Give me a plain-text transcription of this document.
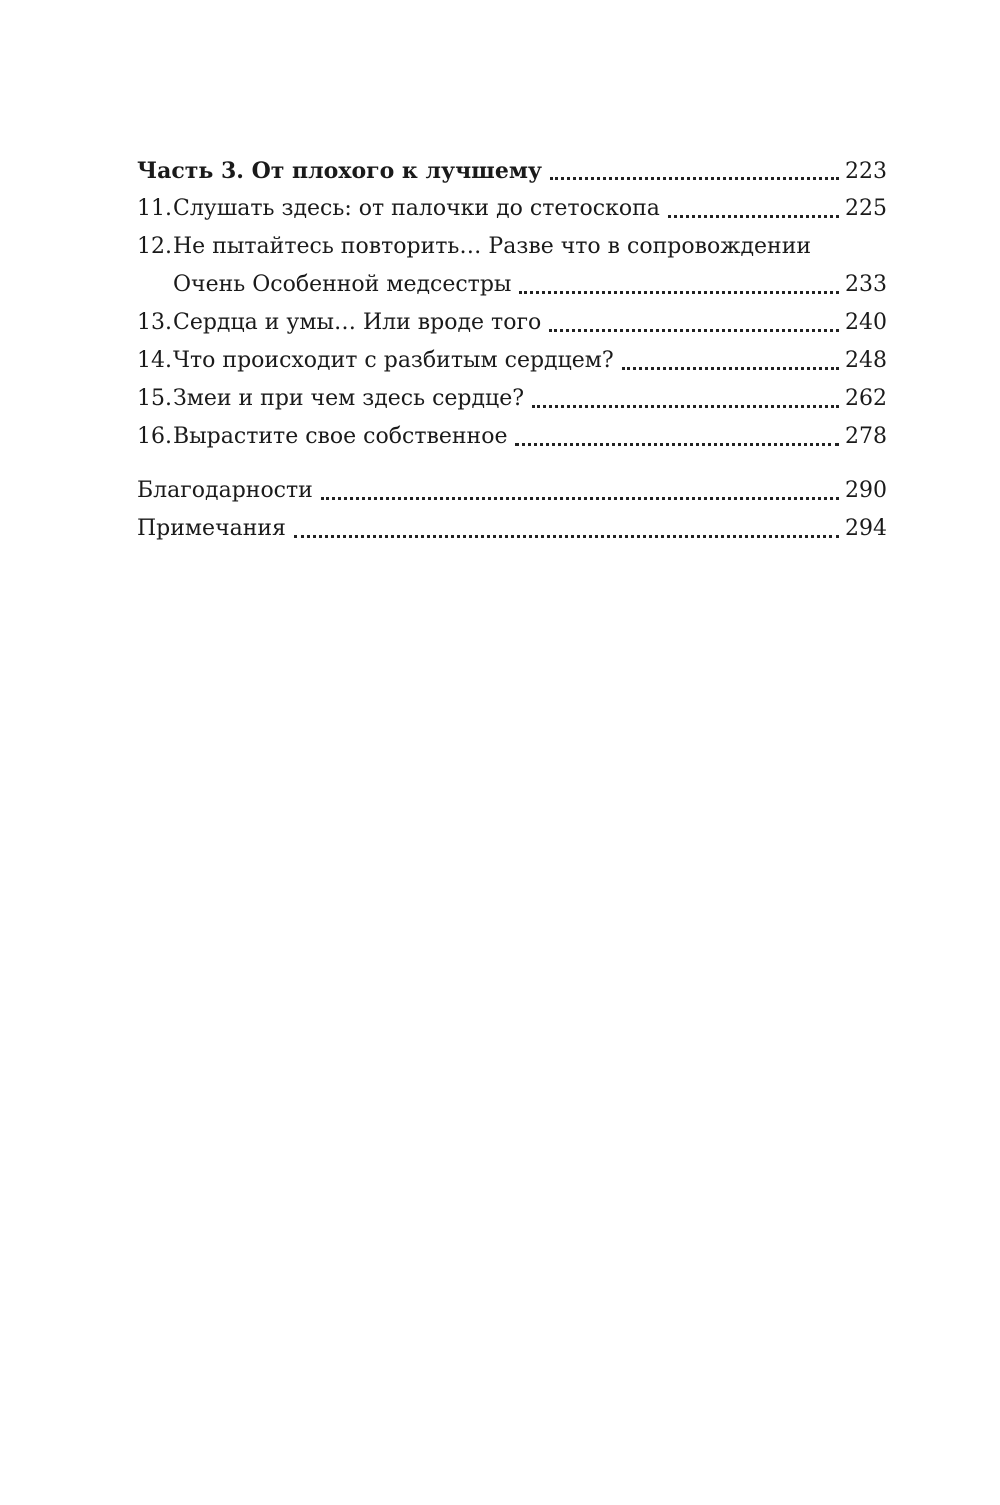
Часть 3. От плохого к лучшему	223
11. Слушать здесь: от палочки до стетоскопа	225
12. Не пытайтесь повторить… Разве что в сопровождении
Очень Особенной медсестры	233
13. Сердца и умы… Или вроде того	240
14. Что происходит с разбитым сердцем?	248
15. Змеи и при чем здесь сердце?	262
16. Вырастите свое собственное	278
Благодарности	290
Примечания	294
